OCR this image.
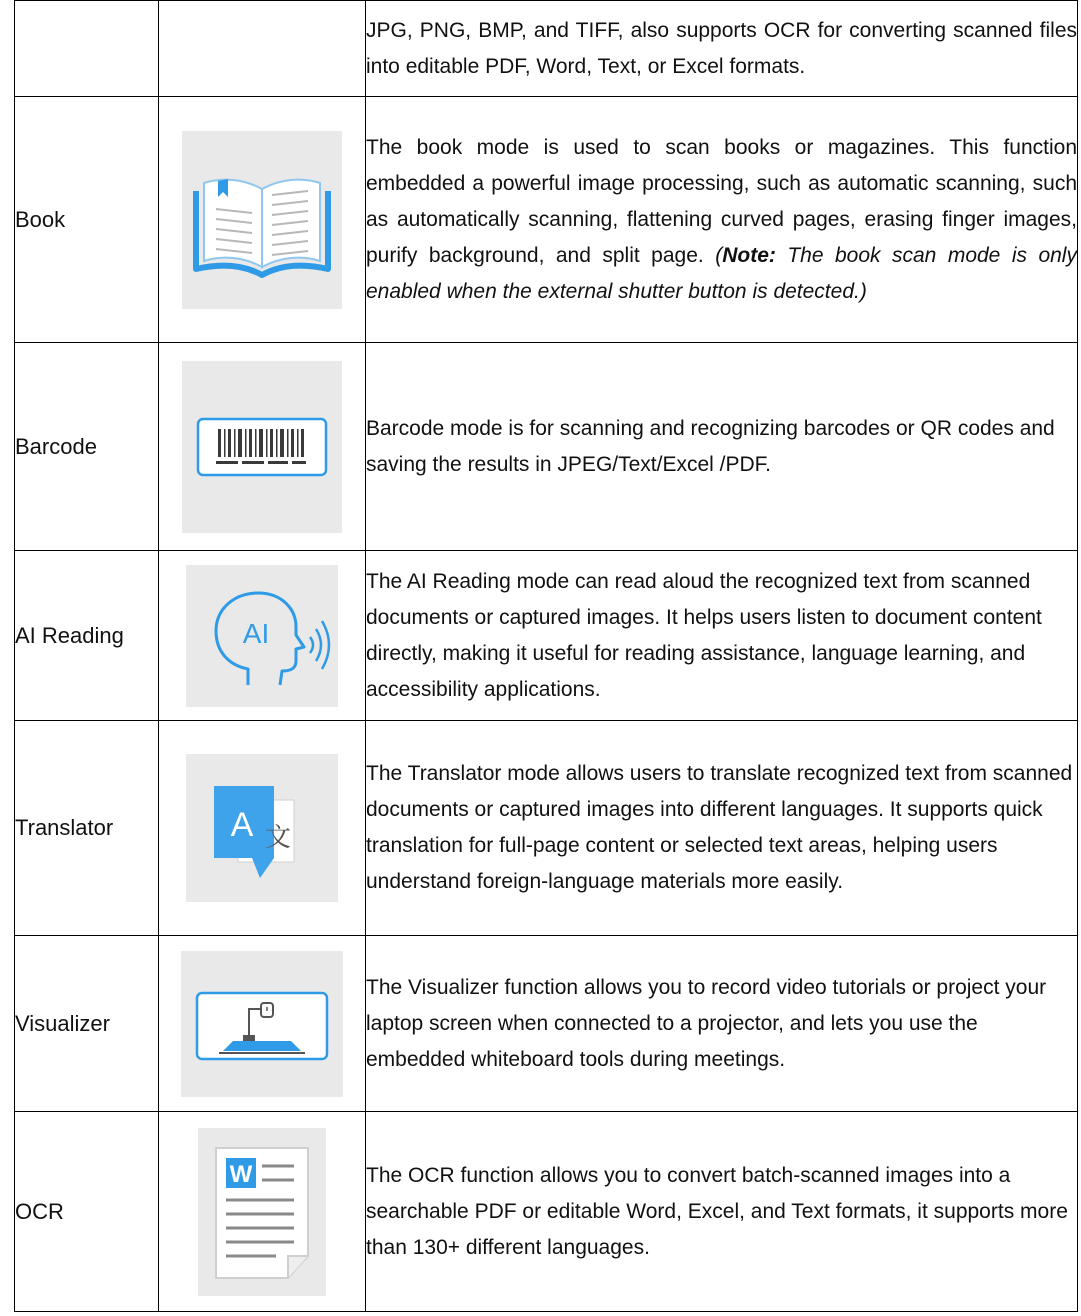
		JPG, PNG, BMP, and TIFF, also supports OCR for converting scanned files into editable PDF, Word, Text, or Excel formats.
Book		The book mode is used to scan books or magazines. This function embedded a powerful image processing, such as automatic scanning, such as automatically scanning, flattening curved pages, erasing finger images, purify background, and split page. (Note: The book scan mode is only enabled when the external shutter button is detected.)
Barcode		Barcode mode is for scanning and recognizing barcodes or QR codes and saving the results in JPEG/Text/Excel /PDF.
AI Reading	AI	The AI Reading mode can read aloud the recognized text from scanned documents or captured images. It helps users listen to document content directly, making it useful for reading assistance, language learning, and accessibility applications.
Translator	A 文	The Translator mode allows users to translate recognized text from scanned documents or captured images into different languages. It supports quick translation for full-page content or selected text areas, helping users understand foreign-language materials more easily.
Visualizer		The Visualizer function allows you to record video tutorials or project your laptop screen when connected to a projector, and lets you use the embedded whiteboard tools during meetings.
OCR	W	The OCR function allows you to convert batch-scanned images into a searchable PDF or editable Word, Excel, and Text formats, it supports more than 130+ different languages.
